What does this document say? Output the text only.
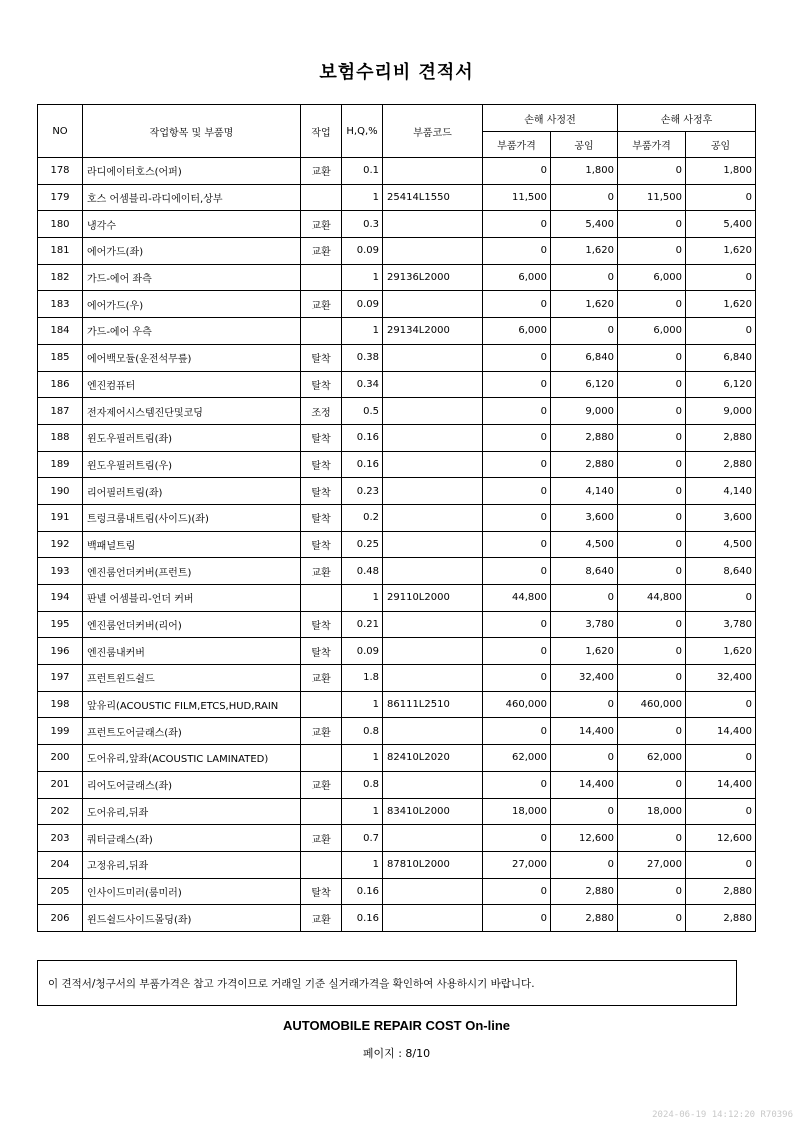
보험수리비 견적서
NO	작업항목 및 부품명	작업	H,Q,%	부품코드	손해 사정전		손해 사정후	
					부품가격	공임	부품가격	공임
178	라디에이터호스(어퍼)	교환	0.1		0	1,800	0	1,800
179	호스 어셈블리-라디에이터,상부		1	25414L1550	11,500	0	11,500	0
180	냉각수	교환	0.3		0	5,400	0	5,400
181	에어가드(좌)	교환	0.09		0	1,620	0	1,620
182	가드-에어 좌측		1	29136L2000	6,000	0	6,000	0
183	에어가드(우)	교환	0.09		0	1,620	0	1,620
184	가드-에어 우측		1	29134L2000	6,000	0	6,000	0
185	에어백모듈(운전석무릎)	탈착	0.38		0	6,840	0	6,840
186	엔진컴퓨터	탈착	0.34		0	6,120	0	6,120
187	전자제어시스템진단및코딩	조정	0.5		0	9,000	0	9,000
188	윈도우필러트림(좌)	탈착	0.16		0	2,880	0	2,880
189	윈도우필러트림(우)	탈착	0.16		0	2,880	0	2,880
190	리어필러트림(좌)	탈착	0.23		0	4,140	0	4,140
191	트렁크룸내트림(사이드)(좌)	탈착	0.2		0	3,600	0	3,600
192	백패널트림	탈착	0.25		0	4,500	0	4,500
193	엔진룸언더커버(프런트)	교환	0.48		0	8,640	0	8,640
194	판넬 어셈블리-언더 커버		1	29110L2000	44,800	0	44,800	0
195	엔진룸언더커버(리어)	탈착	0.21		0	3,780	0	3,780
196	엔진룸내커버	탈착	0.09		0	1,620	0	1,620
197	프런트윈드쉴드	교환	1.8		0	32,400	0	32,400
198	앞유리(ACOUSTIC FILM,ETCS,HUD,RAIN		1	86111L2510	460,000	0	460,000	0
199	프런트도어글래스(좌)	교환	0.8		0	14,400	0	14,400
200	도어유리,앞좌(ACOUSTIC LAMINATED)		1	82410L2020	62,000	0	62,000	0
201	리어도어글래스(좌)	교환	0.8		0	14,400	0	14,400
202	도어유리,뒤좌		1	83410L2000	18,000	0	18,000	0
203	쿼터글래스(좌)	교환	0.7		0	12,600	0	12,600
204	고정유리,뒤좌		1	87810L2000	27,000	0	27,000	0
205	인사이드미러(룸미러)	탈착	0.16		0	2,880	0	2,880
206	윈드쉴드사이드몰딩(좌)	교환	0.16		0	2,880	0	2,880
이 견적서/청구서의 부품가격은 참고 가격이므로 거래일 기준 실거래가격을 확인하여 사용하시기 바랍니다.
AUTOMOBILE REPAIR COST On-line
페이지 : 8/10
2024-06-19 14:12:20 R70396
